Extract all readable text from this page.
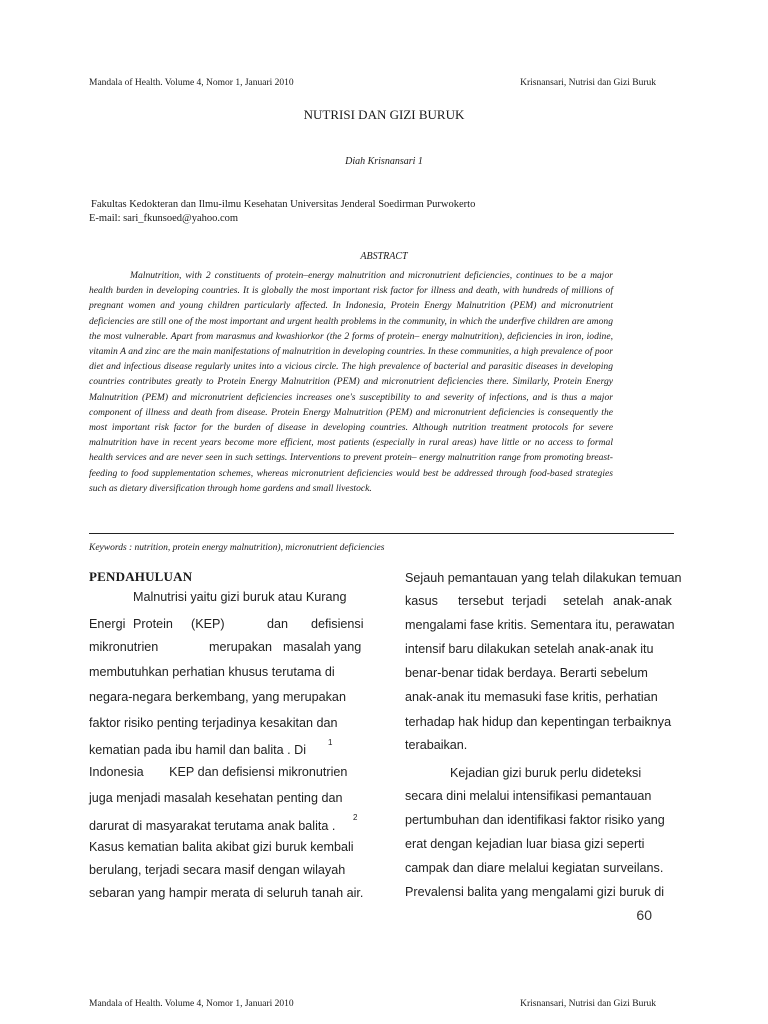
Mandala of Health. Volume 4, Nomor 1, Januari 2010	Krisnansari, Nutrisi dan Gizi Buruk
NUTRISI DAN GIZI BURUK
Diah Krisnansari 1
Fakultas Kedokteran dan Ilmu-ilmu Kesehatan Universitas Jenderal Soedirman Purwokerto
E-mail: sari_fkunsoed@yahoo.com
ABSTRACT

Malnutrition, with 2 constituents of protein–energy malnutrition and micronutrient deficiencies, continues to be a major health burden in developing countries. It is globally the most important risk factor for illness and death, with hundreds of millions of pregnant women and young children particularly affected. In Indonesia, Protein Energy Malnutrition (PEM) and micronutrient deficiencies are still one of the most important and urgent health problems in the community, in which the underfive children are among the most vulnerable. Apart from marasmus and kwashiorkor (the 2 forms of protein– energy malnutrition), deficiencies in iron, iodine, vitamin A and zinc are the main manifestations of malnutrition in developing countries. In these communities, a high prevalence of poor diet and infectious disease regularly unites into a vicious circle. The high prevalence of bacterial and parasitic diseases in developing countries contributes greatly to Protein Energy Malnutrition (PEM) and micronutrient deficiencies there. Similarly, Protein Energy Malnutrition (PEM) and micronutrient deficiencies increases one's susceptibility to and severity of infections, and is thus a major component of illness and death from disease. Protein Energy Malnutrition (PEM) and micronutrient deficiencies is consequently the most important risk factor for the burden of disease in developing countries. Although nutrition treatment protocols for severe malnutrition have in recent years become more efficient, most patients (especially in rural areas) have little or no access to formal health services and are never seen in such settings. Interventions to prevent protein– energy malnutrition range from promoting breast-feeding to food supplementation schemes, whereas micronutrient deficiencies would best be addressed through food-based strategies such as dietary diversification through home gardens and small livestock.

Keywords : nutrition, protein energy malnutrition), micronutrient deficiencies
PENDAHULUAN
Malnutrisi yaitu gizi buruk atau Kurang
Energi Protein (KEP)	dan defisiensi
mikronutrien	merupakan masalah yang
membutuhkan perhatian khusus terutama di
negara-negara berkembang, yang merupakan
faktor risiko penting terjadinya kesakitan dan
kematian pada ibu hamil dan balita . Di
1
Indonesia KEP dan defisiensi mikronutrien
juga menjadi masalah kesehatan penting dan
darurat di masyarakat terutama anak balita .
2
Kasus kematian balita akibat gizi buruk kembali
berulang, terjadi secara masif dengan wilayah
sebaran yang hampir merata di seluruh tanah air.
Sejauh pemantauan yang telah dilakukan temuan
kasus tersebut terjadi setelah anak-anak
mengalami fase kritis. Sementara itu, perawatan
intensif baru dilakukan setelah anak-anak itu
benar-benar tidak berdaya. Berarti sebelum
anak-anak itu memasuki fase kritis, perhatian
terhadap hak hidup dan kepentingan terbaiknya
terabaikan.
Kejadian gizi buruk perlu dideteksi
secara dini melalui intensifikasi pemantauan
pertumbuhan dan identifikasi faktor risiko yang
erat dengan kejadian luar biasa gizi seperti
campak dan diare melalui kegiatan surveilans.
Prevalensi balita yang mengalami gizi buruk di
60
Mandala of Health. Volume 4, Nomor 1, Januari 2010	Krisnansari, Nutrisi dan Gizi Buruk
